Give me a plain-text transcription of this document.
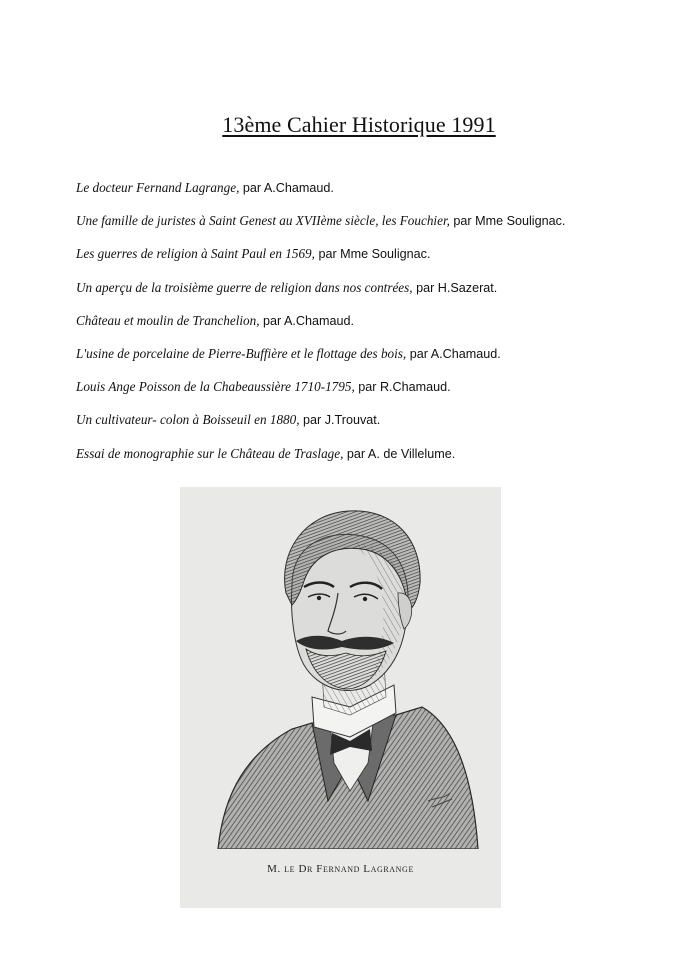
13ème Cahier Historique 1991
Le docteur Fernand Lagrange, par A.Chamaud.
Une famille de juristes à Saint Genest au XVIIème siècle, les Fouchier, par Mme Soulignac.
Les guerres de religion à Saint Paul en 1569, par Mme Soulignac.
Un aperçu de la troisième guerre de religion dans nos contrées, par H.Sazerat.
Château et moulin de Tranchelion, par A.Chamaud.
L'usine de porcelaine de Pierre-Buffière et le flottage des bois, par A.Chamaud.
Louis Ange Poisson de la Chabeaussière 1710-1795, par R.Chamaud.
Un cultivateur- colon à Boisseuil en 1880, par J.Trouvat.
Essai de monographie sur le Château de Traslage, par A. de Villelume.
M. le Dr Fernand Lagrange
